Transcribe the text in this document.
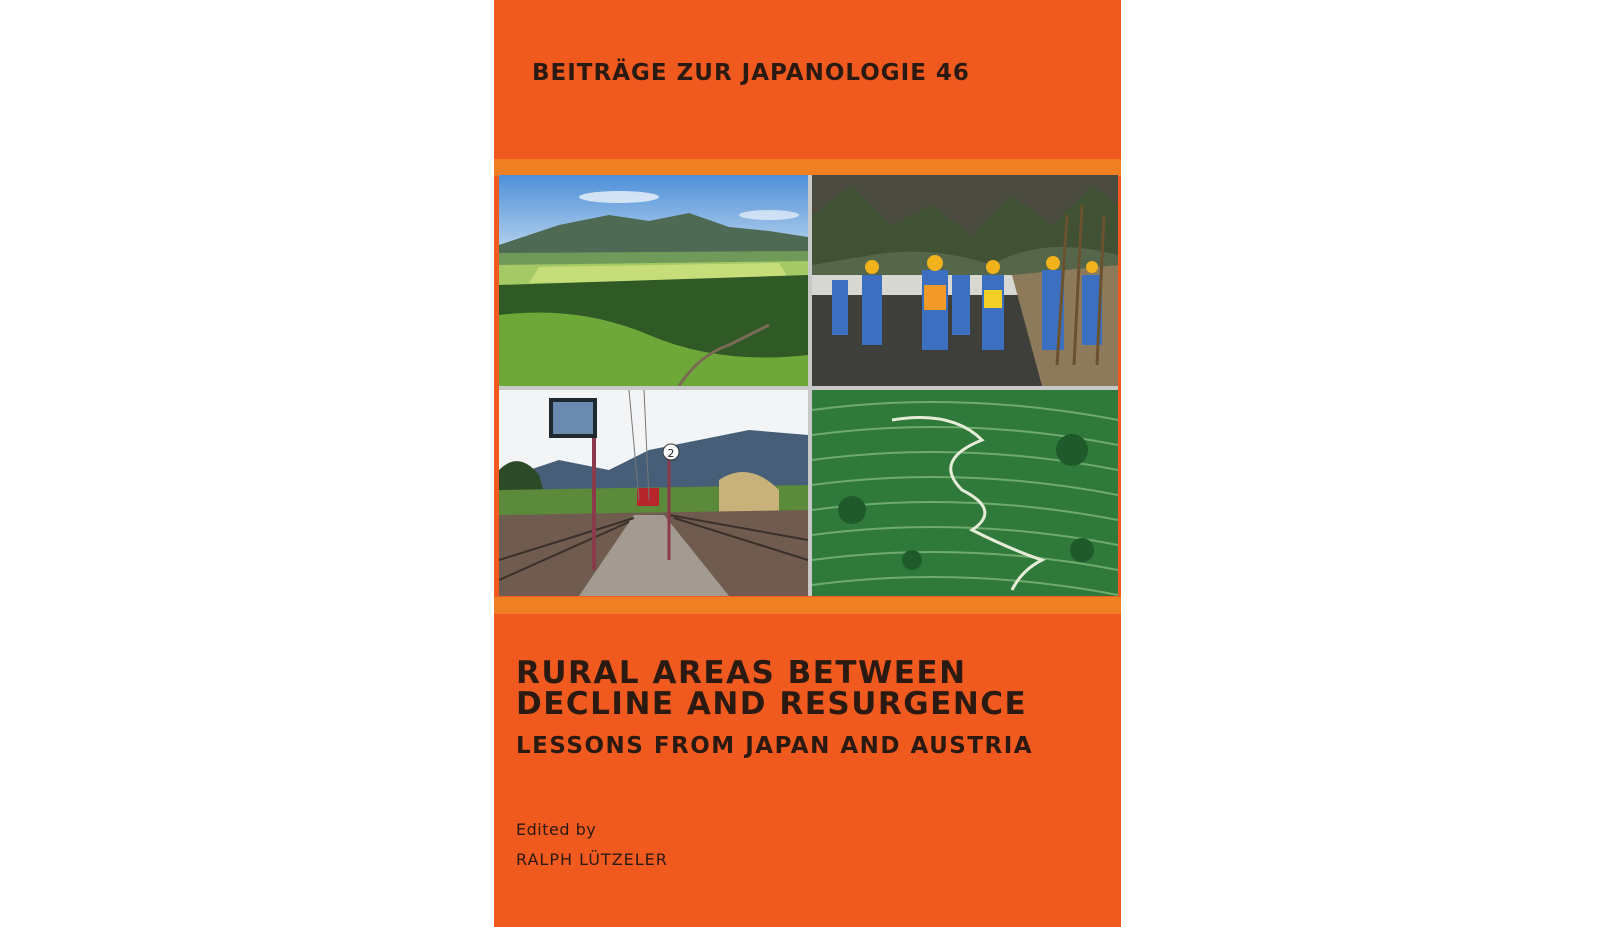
BEITRÄGE ZUR JAPANOLOGIE 46
2
RURAL AREAS BETWEEN
DECLINE AND RESURGENCE
LESSONS FROM JAPAN AND AUSTRIA
Edited by
RALPH LÜTZELER
